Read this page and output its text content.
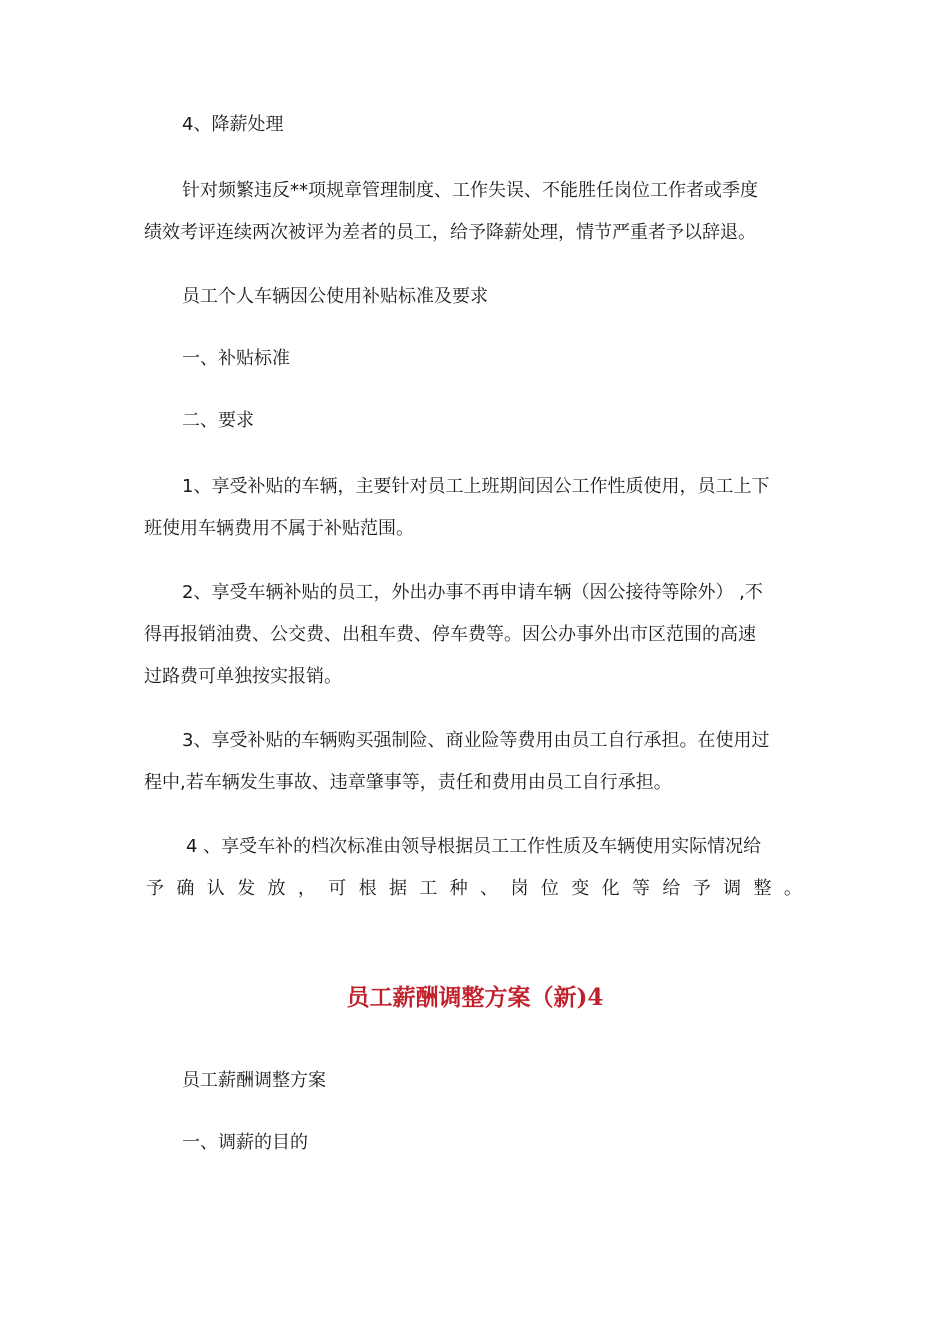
4、降薪处理
针对频繁违反**项规章管理制度、工作失误、不能胜任岗位工作者或季度
绩效考评连续两次被评为差者的员工，给予降薪处理，情节严重者予以辞退。
员工个人车辆因公使用补贴标准及要求
一、补贴标准
二、要求
1、享受补贴的车辆，主要针对员工上班期间因公工作性质使用，员工上下
班使用车辆费用不属于补贴范围。
2、享受车辆补贴的员工，外出办事不再申请车辆（因公接待等除外） ,不
得再报销油费、公交费、出租车费、停车费等。因公办事外出市区范围的高速
过路费可单独按实报销。
3、享受补贴的车辆购买强制险、商业险等费用由员工自行承担。在使用过
程中,若车辆发生事故、违章肇事等，责任和费用由员工自行承担。
4 、享受车补的档次标准由领导根据员工工作性质及车辆使用实际情况给
予 确 认 发 放 ， 可 根 据 工 种 、 岗 位 变 化 等 给 予 调 整 。
员工薪酬调整方案（新)4
员工薪酬调整方案
一、调薪的目的
